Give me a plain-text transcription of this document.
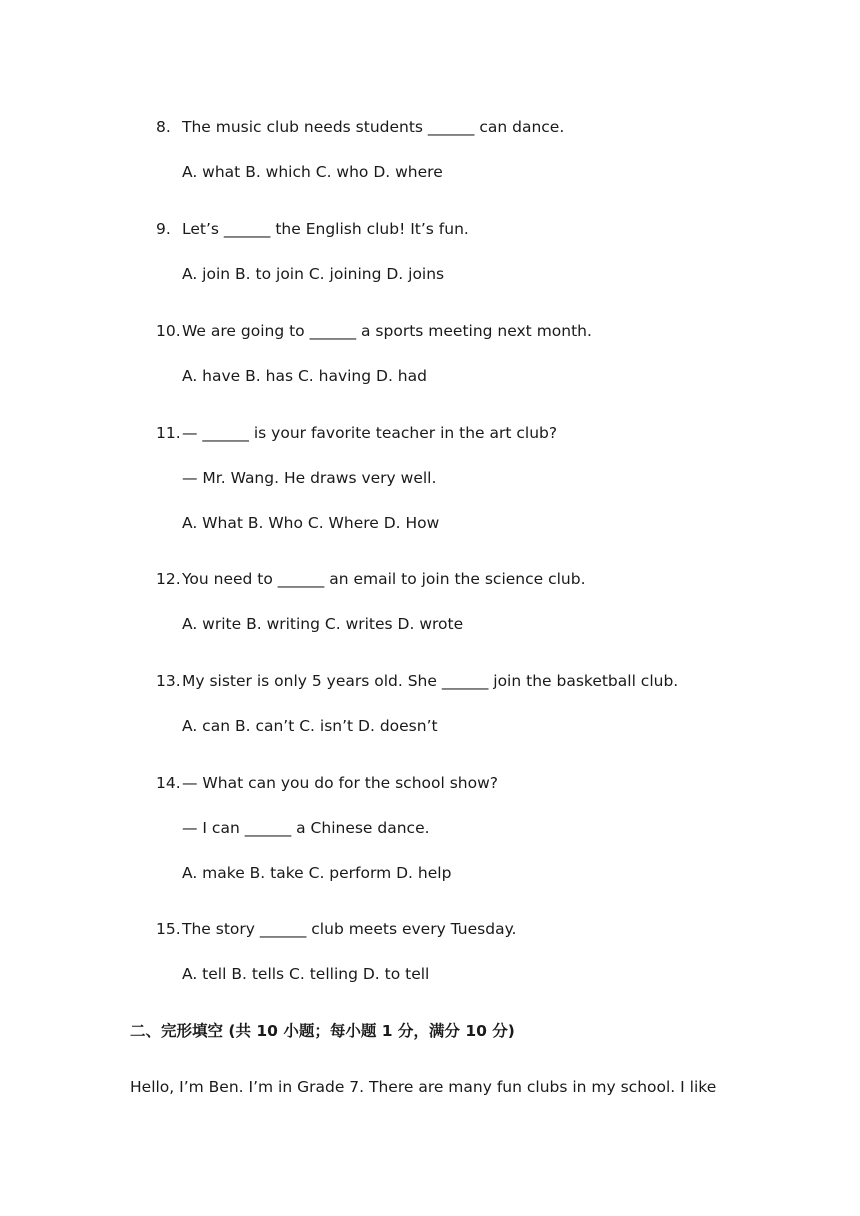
8. The music club needs students ______ can dance.
A. what B. which C. who D. where
9. Let’s ______ the English club! It’s fun.
A. join B. to join C. joining D. joins
10.We are going to ______ a sports meeting next month.
A. have B. has C. having D. had
11.— ______ is your favorite teacher in the art club?
— Mr. Wang. He draws very well.
A. What B. Who C. Where D. How
12.You need to ______ an email to join the science club.
A. write B. writing C. writes D. wrote
13.My sister is only 5 years old. She ______ join the basketball club.
A. can B. can’t C. isn’t D. doesn’t
14.— What can you do for the school show?
— I can ______ a Chinese dance.
A. make B. take C. perform D. help
15.The story ______ club meets every Tuesday.
A. tell B. tells C. telling D. to tell
二、完形填空 (共 10 小题；每小题 1 分，满分 10 分)
Hello, I’m Ben. I’m in Grade 7. There are many fun clubs in my school. I like
